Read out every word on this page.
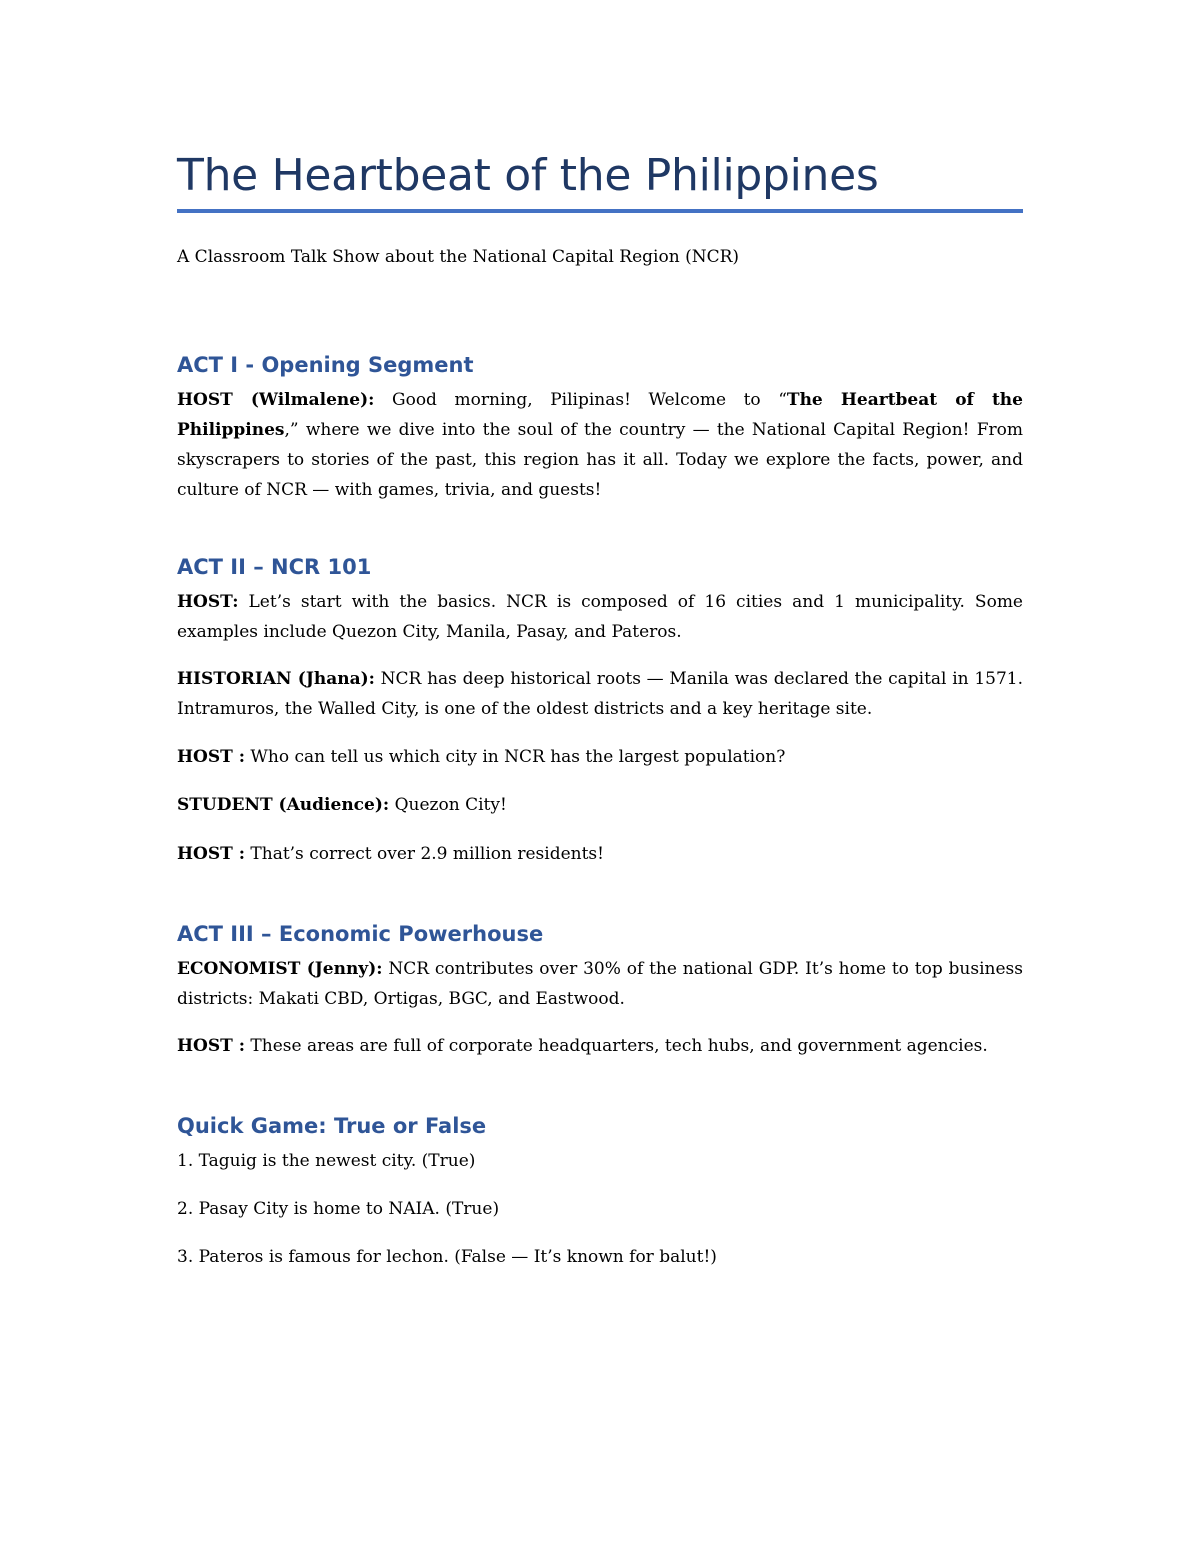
The Heartbeat of the Philippines

A Classroom Talk Show about the National Capital Region (NCR)

ACT I - Opening Segment

HOST (Wilmalene): Good morning, Pilipinas! Welcome to “The Heartbeat of the Philippines,” where we dive into the soul of the country — the National Capital Region! From skyscrapers to stories of the past, this region has it all. Today we explore the facts, power, and culture of NCR — with games, trivia, and guests!

ACT II – NCR 101

HOST: Let’s start with the basics. NCR is composed of 16 cities and 1 municipality. Some examples include Quezon City, Manila, Pasay, and Pateros.

HISTORIAN (Jhana): NCR has deep historical roots — Manila was declared the capital in 1571. Intramuros, the Walled City, is one of the oldest districts and a key heritage site.

HOST : Who can tell us which city in NCR has the largest population?

STUDENT (Audience): Quezon City!

HOST : That’s correct over 2.9 million residents!

ACT III – Economic Powerhouse

ECONOMIST (Jenny): NCR contributes over 30% of the national GDP. It’s home to top business districts: Makati CBD, Ortigas, BGC, and Eastwood.

HOST : These areas are full of corporate headquarters, tech hubs, and government agencies.

Quick Game: True or False

1. Taguig is the newest city. (True)

2. Pasay City is home to NAIA. (True)

3. Pateros is famous for lechon. (False — It’s known for balut!)
